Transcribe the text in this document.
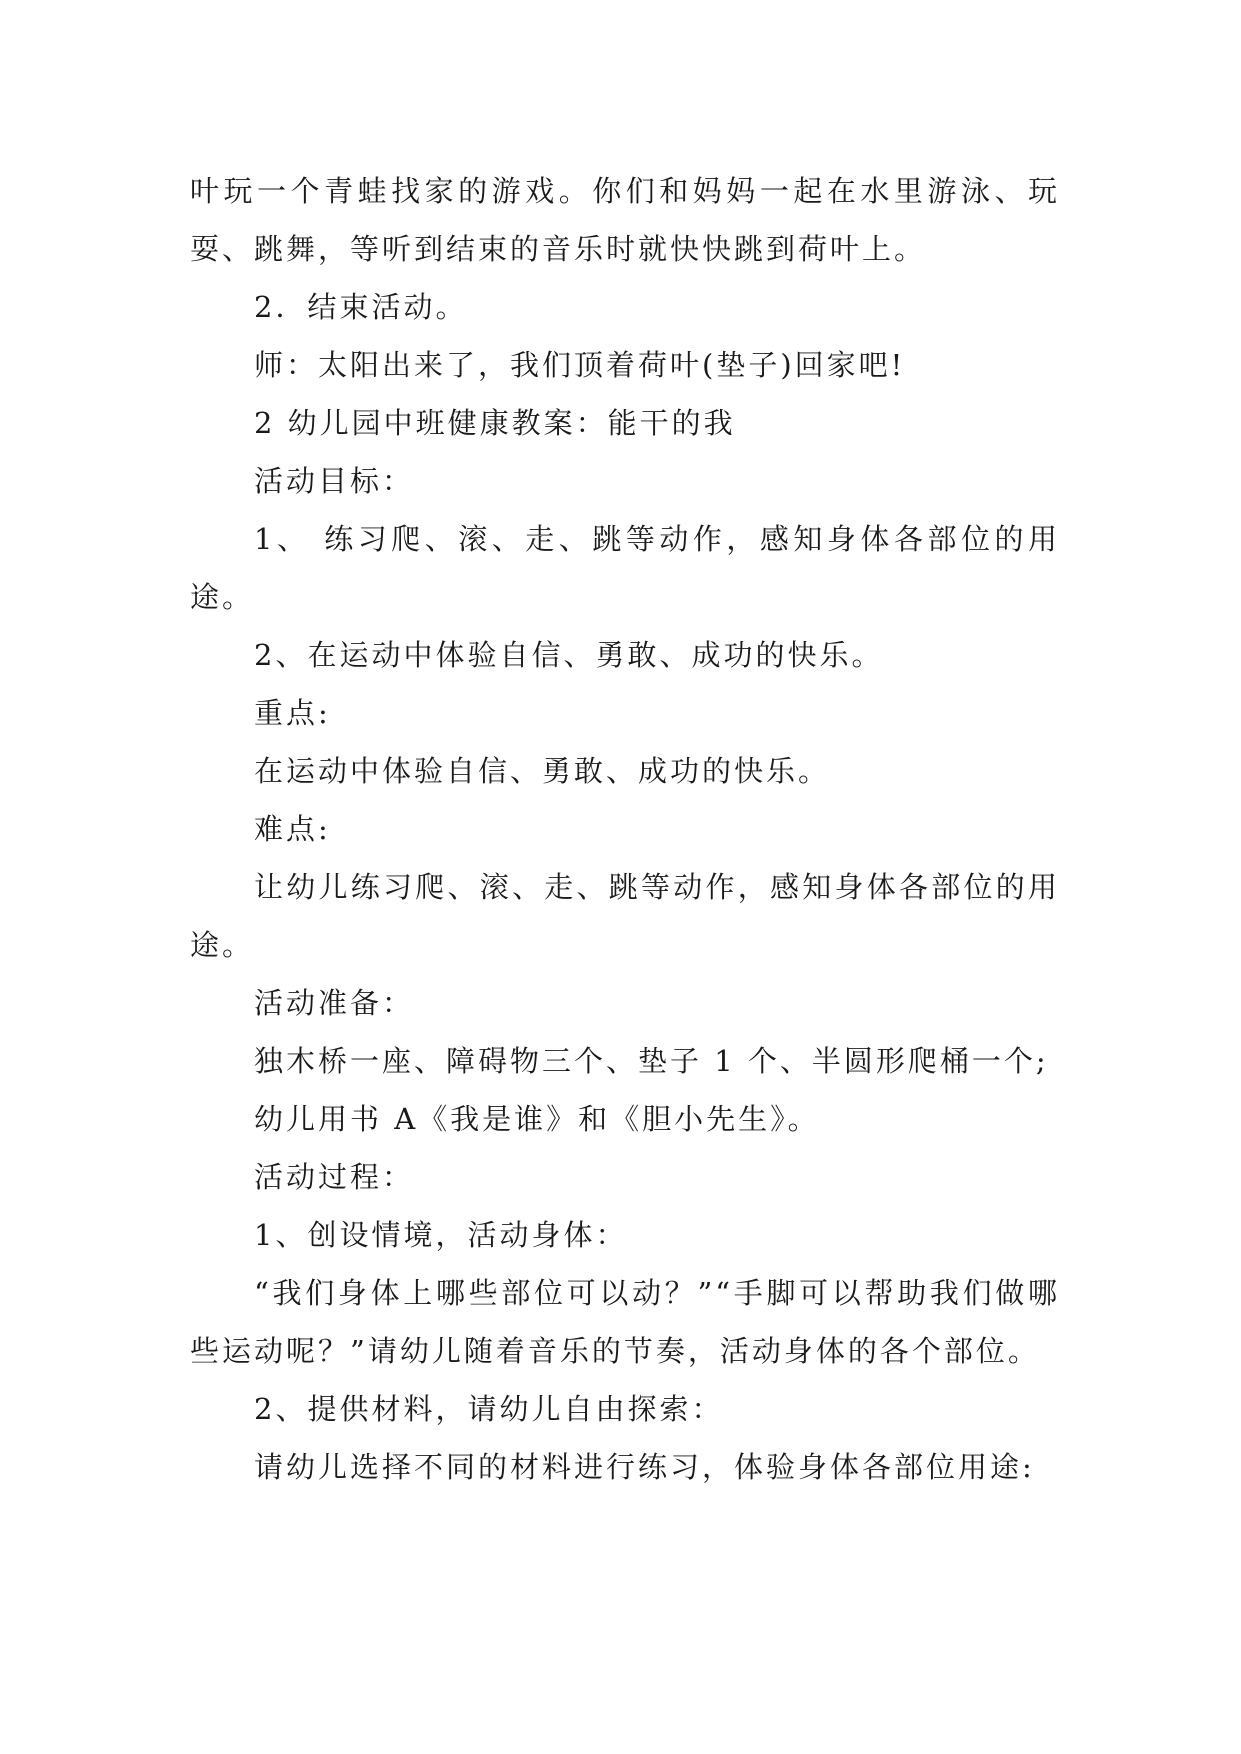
叶玩一个青蛙找家的游戏。你们和妈妈一起在水里游泳、玩耍、跳舞，等听到结束的音乐时就快快跳到荷叶上。

2．结束活动。

师：太阳出来了，我们顶着荷叶(垫子)回家吧!

2 幼儿园中班健康教案：能干的我

活动目标：

1、 练习爬、滚、走、跳等动作，感知身体各部位的用途。

2、在运动中体验自信、勇敢、成功的快乐。

重点:

在运动中体验自信、勇敢、成功的快乐。

难点:

让幼儿练习爬、滚、走、跳等动作，感知身体各部位的用途。

活动准备：

独木桥一座、障碍物三个、垫子 1 个、半圆形爬桶一个;

幼儿用书 A《我是谁》和《胆小先生》。

活动过程：

1、创设情境，活动身体：

“我们身体上哪些部位可以动？”“手脚可以帮助我们做哪些运动呢？”请幼儿随着音乐的节奏，活动身体的各个部位。

2、提供材料，请幼儿自由探索：

请幼儿选择不同的材料进行练习，体验身体各部位用途:
